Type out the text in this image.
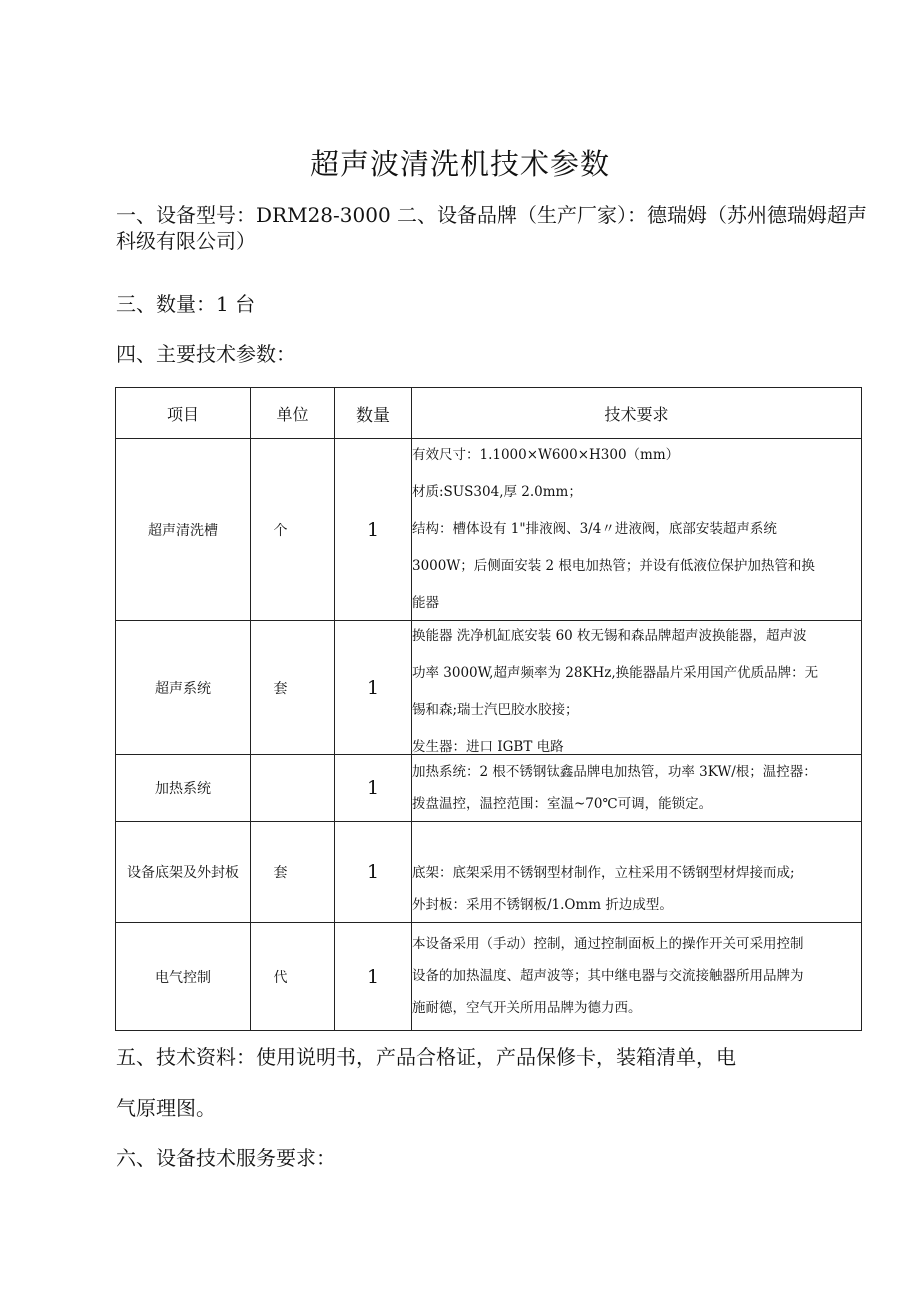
超声波清洗机技术参数
一、设备型号：DRM28-3000 二、设备品牌（生产厂家）：德瑞姆（苏州德瑞姆超声
科级有限公司）
三、数量：1 台
四、主要技术参数：
项目	单位	数量	技术要求
超声清洗槽	个	1	有效尺寸：1.1000×W600×H300（mm）
材质:SUS304,厚 2.0mm；
结构：槽体设有 1"排液阀、3/4〃进液阀，底部安装超声系统
3000W；后侧面安装 2 根电加热管；并设有低液位保护加热管和换
能器

超声系统	套	1	换能器 洗净机缸底安装 60 枚无锡和森品牌超声波换能器，超声波
功率 3000W,超声频率为 28KHz,换能器晶片采用国产优质品牌：无
锡和森;瑞士汽巴胶水胶接；
发生器：进口 IGBT 电路

加热系统		1	加热系统：2 根不锈钢钛鑫品牌电加热管，功率 3KW/根；温控器：
拨盘温控，温控范围：室温~70℃可调，能锁定。

设备底架及外封板	套	1	底架：底架采用不锈钢型材制作，立柱采用不锈钢型材焊接而成;
外封板：采用不锈钢板/1.Omm 折边成型。

电气控制	代	1	本设备采用（手动）控制，通过控制面板上的操作开关可采用控制
设备的加热温度、超声波等；其中继电器与交流接触器所用品牌为
施耐德，空气开关所用品牌为德力西。
五、技术资料：使用说明书，产品合格证，产品保修卡，装箱清单，电
气原理图。
六、设备技术服务要求：
